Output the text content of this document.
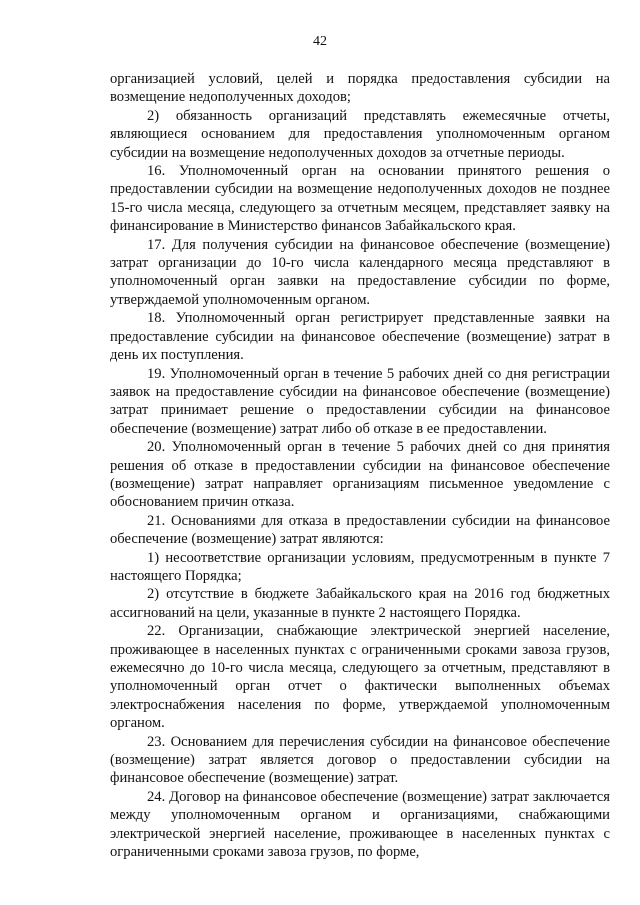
42

организацией условий, целей и порядка предоставления субсидии на возмещение недополученных доходов;

2) обязанность организаций представлять ежемесячные отчеты, являющиеся основанием для предоставления уполномоченным органом субсидии на возмещение недополученных доходов за отчетные периоды.

16. Уполномоченный орган на основании принятого решения о предоставлении субсидии на возмещение недополученных доходов не позднее 15-го числа месяца, следующего за отчетным месяцем, представляет заявку на финансирование в Министерство финансов Забайкальского края.

17. Для получения субсидии на финансовое обеспечение (возмещение) затрат организации до 10-го числа календарного месяца представляют в уполномоченный орган заявки на предоставление субсидии по форме, утверждаемой уполномоченным органом.

18. Уполномоченный орган регистрирует представленные заявки на предоставление субсидии на финансовое обеспечение (возмещение) затрат в день их поступления.

19. Уполномоченный орган в течение 5 рабочих дней со дня регистрации заявок на предоставление субсидии на финансовое обеспечение (возмещение) затрат принимает решение о предоставлении субсидии на финансовое обеспечение (возмещение) затрат либо об отказе в ее предоставлении.

20. Уполномоченный орган в течение 5 рабочих дней со дня принятия решения об отказе в предоставлении субсидии на финансовое обеспечение (возмещение) затрат направляет организациям письменное уведомление с обоснованием причин отказа.

21. Основаниями для отказа в предоставлении субсидии на финансовое обеспечение (возмещение) затрат являются:

1) несоответствие организации условиям, предусмотренным в пункте 7 настоящего Порядка;

2) отсутствие в бюджете Забайкальского края на 2016 год бюджетных ассигнований на цели, указанные в пункте 2 настоящего Порядка.

22. Организации, снабжающие электрической энергией население, проживающее в населенных пунктах с ограниченными сроками завоза грузов, ежемесячно до 10-го числа месяца, следующего за отчетным, представляют в уполномоченный орган отчет о фактически выполненных объемах электроснабжения населения по форме, утверждаемой уполномоченным органом.

23. Основанием для перечисления субсидии на финансовое обеспечение (возмещение) затрат является договор о предоставлении субсидии на финансовое обеспечение (возмещение) затрат.

24. Договор на финансовое обеспечение (возмещение) затрат заключается между уполномоченным органом и организациями, снабжающими электрической энергией население, проживающее в населенных пунктах с ограниченными сроками завоза грузов, по форме,
